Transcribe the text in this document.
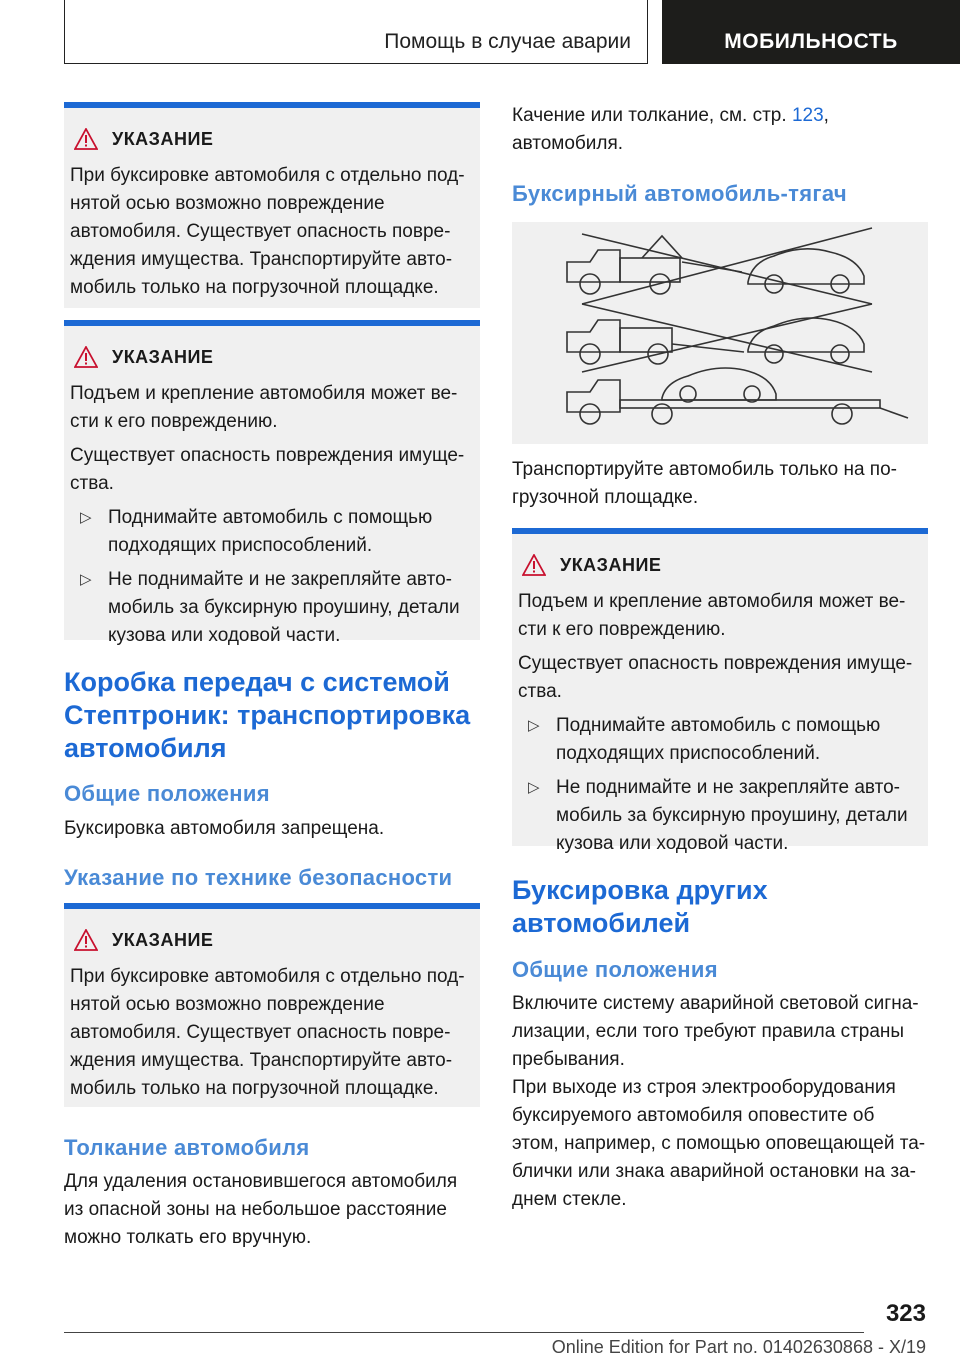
Помощь в случае аварии	МОБИЛЬНОСТЬ
УКАЗАНИЕ

При буксировке автомобиля с отдельно под-
нятой осью возможно повреждение
автомобиля. Существует опасность повре-
ждения имущества. Транспортируйте авто-
мобиль только на погрузочной площадке.

УКАЗАНИЕ

Подъем и крепление автомобиля может ве-
сти к его повреждению.

Существует опасность повреждения имуще-
ства.

▷ Поднимайте автомобиль с помощью
подходящих приспособлений.
▷ Не поднимайте и не закрепляйте авто-
мобиль за буксирную проушину, детали
кузова или ходовой части.
Коробка передач с системой
Стептроник: транспортировка
автомобиля
Общие положения
Буксировка автомобиля запрещена.
Указание по технике безопасности
УКАЗАНИЕ

При буксировке автомобиля с отдельно под-
нятой осью возможно повреждение
автомобиля. Существует опасность повре-
ждения имущества. Транспортируйте авто-
мобиль только на погрузочной площадке.

Толкание автомобиля
Для удаления остановившегося автомобиля
из опасной зоны на небольшое расстояние
можно толкать его вручную.
Качение или толкание, см. стр. 123,
автомобиля.
Буксирный автомобиль-тягач
Транспортируйте автомобиль только на по-
грузочной площадке.
УКАЗАНИЕ

Подъем и крепление автомобиля может ве-
сти к его повреждению.

Существует опасность повреждения имуще-
ства.

▷ Поднимайте автомобиль с помощью
подходящих приспособлений.
▷ Не поднимайте и не закрепляйте авто-
мобиль за буксирную проушину, детали
кузова или ходовой части.
Буксировка других
автомобилей
Общие положения
Включите систему аварийной световой сигна-
лизации, если того требуют правила страны
пребывания.
При выходе из строя электрооборудования
буксируемого автомобиля оповестите об
этом, например, с помощью оповещающей та-
блички или знака аварийной остановки на за-
днем стекле.
323
Online Edition for Part no. 01402630868 - X/19
